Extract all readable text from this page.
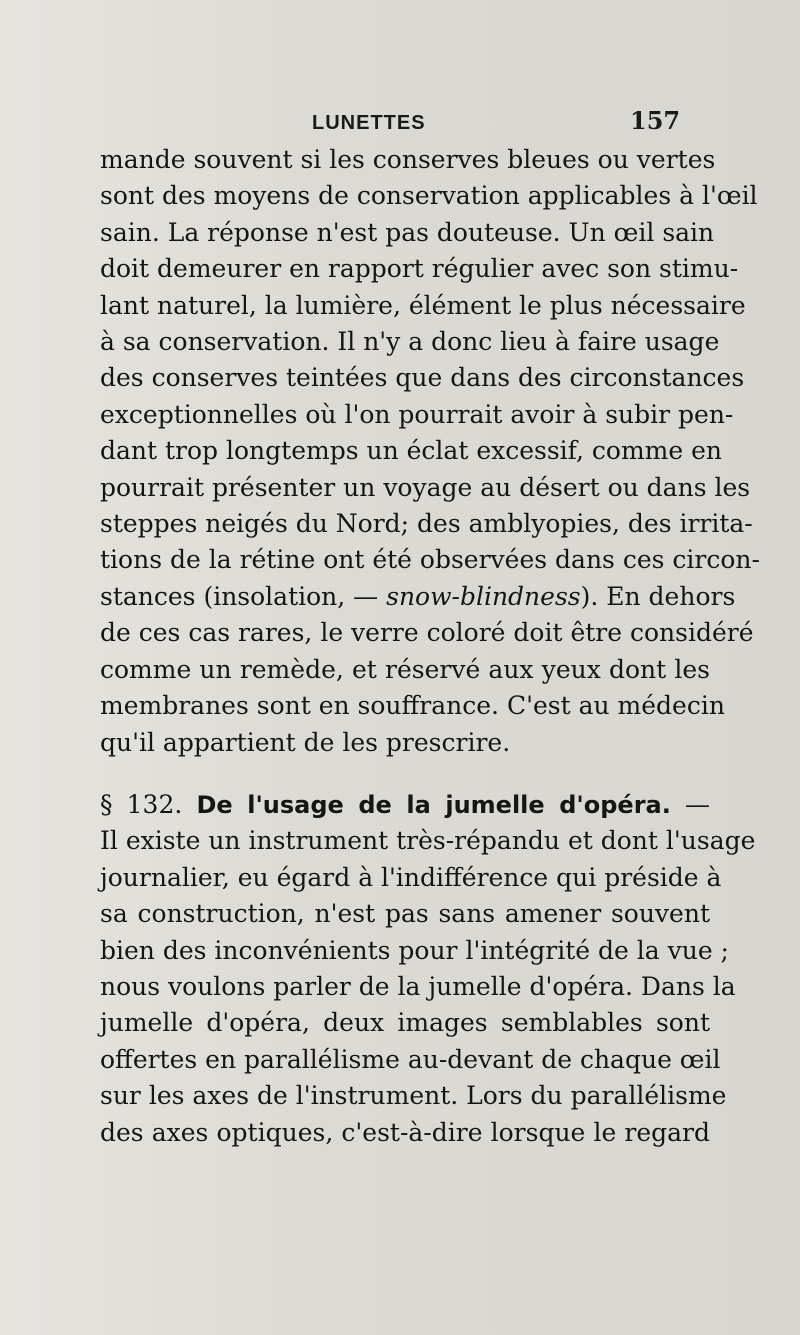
LUNETTES	157
mande souvent si les conserves bleues ou vertes
sont des moyens de conservation applicables à l'œil
sain. La réponse n'est pas douteuse. Un œil sain
doit demeurer en rapport régulier avec son stimu-
lant naturel, la lumière, élément le plus nécessaire
à sa conservation. Il n'y a donc lieu à faire usage
des conserves teintées que dans des circonstances
exceptionnelles où l'on pourrait avoir à subir pen-
dant trop longtemps un éclat excessif, comme en
pourrait présenter un voyage au désert ou dans les
steppes neigés du Nord; des amblyopies, des irrita-
tions de la rétine ont été observées dans ces circon-
stances (insolation, — snow-blindness). En dehors
de ces cas rares, le verre coloré doit être considéré
comme un remède, et réservé aux yeux dont les
membranes sont en souffrance. C'est au médecin
qu'il appartient de les prescrire.
§ 132. De l'usage de la jumelle d'opéra. —
Il existe un instrument très-répandu et dont l'usage
journalier, eu égard à l'indifférence qui préside à
sa construction, n'est pas sans amener souvent
bien des inconvénients pour l'intégrité de la vue ;
nous voulons parler de la jumelle d'opéra. Dans la
jumelle d'opéra, deux images semblables sont
offertes en parallélisme au-devant de chaque œil
sur les axes de l'instrument. Lors du parallélisme
des axes optiques, c'est-à-dire lorsque le regard
